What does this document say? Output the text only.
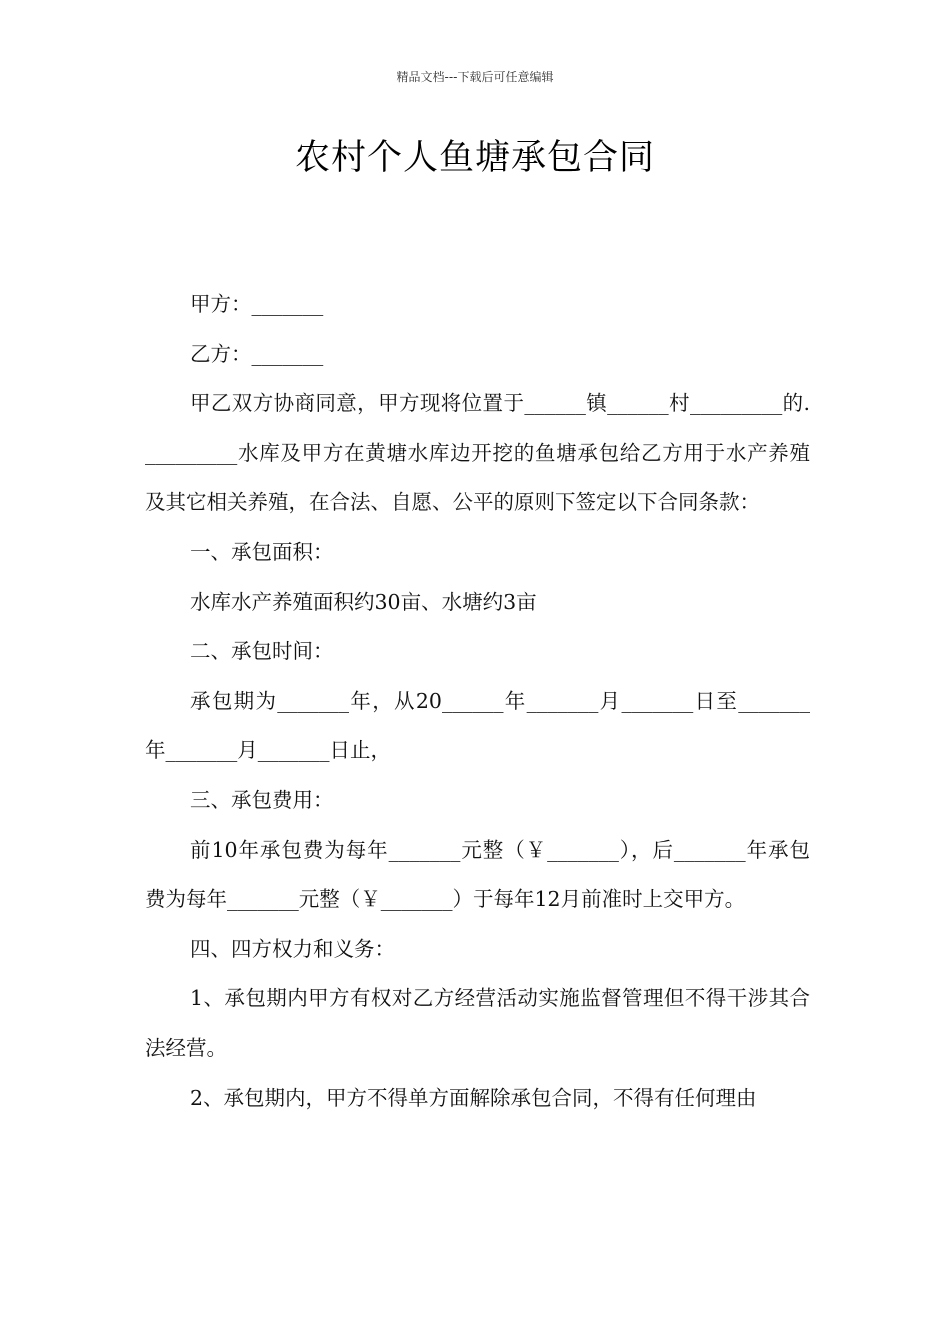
精品文档---下载后可任意编辑
农村个人鱼塘承包合同

甲方：_______

乙方：_______

甲乙双方协商同意，甲方现将位置于______镇______村_________的._________水库及甲方在黄塘水库边开挖的鱼塘承包给乙方用于水产养殖及其它相关养殖，在合法、自愿、公平的原则下签定以下合同条款：

一、承包面积：

水库水产养殖面积约30亩、水塘约3亩

二、承包时间：

承包期为_______年，从20______年_______月_______日至_______年_______月_______日止，

三、承包费用：

前10年承包费为每年_______元整（￥_______），后_______年承包费为每年_______元整（￥_______）于每年12月前准时上交甲方。

四、四方权力和义务：

1、承包期内甲方有权对乙方经营活动实施监督管理但不得干涉其合法经营。

2、承包期内，甲方不得单方面解除承包合同，不得有任何理由
